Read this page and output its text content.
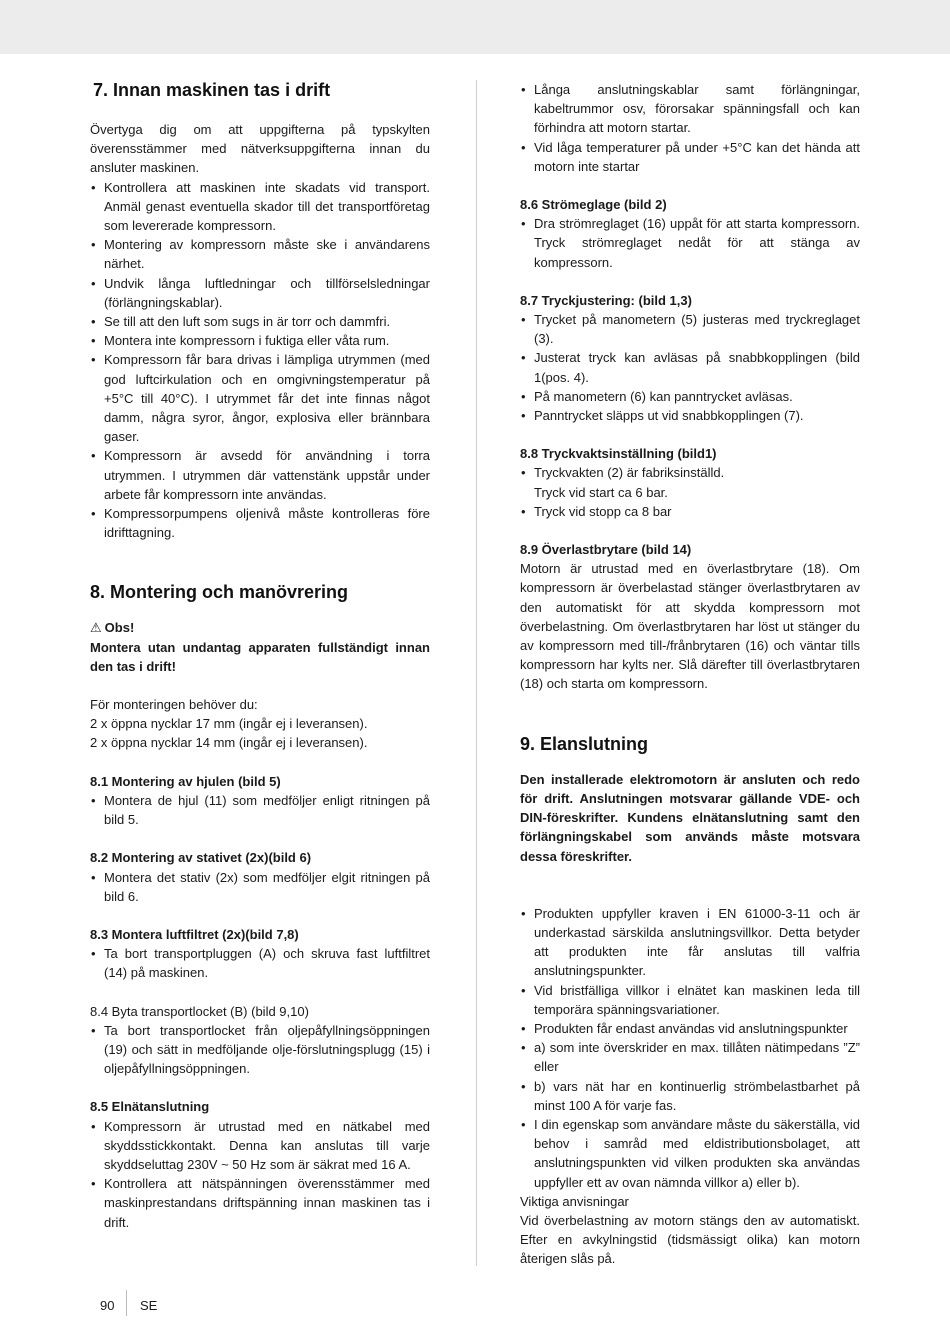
7. Innan maskinen tas i drift

Övertyga dig om att uppgifterna på typskylten överensstämmer med nätverksuppgifterna innan du ansluter maskinen.

• Kontrollera att maskinen inte skadats vid transport. Anmäl genast eventuella skador till det transportföretag som levererade kompressorn.
• Montering av kompressorn måste ske i användarens närhet.
• Undvik långa luftledningar och tillförselsledningar (förlängningskablar).
• Se till att den luft som sugs in är torr och dammfri.
• Montera inte kompressorn i fuktiga eller våta rum.
• Kompressorn får bara drivas i lämpliga utrymmen (med god luftcirkulation och en omgivningstemperatur på +5°C till 40°C). I utrymmet får det inte finnas något damm, några syror, ångor, explosiva eller brännbara gaser.
• Kompressorn är avsedd för användning i torra utrymmen. I utrymmen där vattenstänk uppstår under arbete får kompressorn inte användas.
• Kompressorpumpens oljenivå måste kontrolleras före idrifttagning.
8. Montering och manövrering
⚠ Obs!

Montera utan undantag apparaten fullständigt innan den tas i drift!

För monteringen behöver du:

2 x öppna nycklar 17 mm (ingår ej i leveransen).

2 x öppna nycklar 14 mm (ingår ej i leveransen).

8.1 Montering av hjulen (bild 5)

• Montera de hjul (11) som medföljer enligt ritningen på bild 5.

8.2 Montering av stativet (2x)(bild 6)

• Montera det stativ (2x) som medföljer elgit ritningen på bild 6.

8.3 Montera luftfiltret (2x)(bild 7,8)

• Ta bort transportpluggen (A) och skruva fast luftfiltret (14) på maskinen.

8.4 Byta transportlocket (B) (bild 9,10)

• Ta bort transportlocket från oljepåfyllningsöppningen (19) och sätt in medföljande olje-förslutningsplugg (15) i oljepåfyllningsöppningen.

8.5 Elnätanslutning

• Kompressorn är utrustad med en nätkabel med skyddsstickkontakt. Denna kan anslutas till varje skyddseluttag 230V ~ 50 Hz som är säkrat med 16 A.
• Kontrollera att nätspänningen överensstämmer med maskinprestandans driftspänning innan maskinen tas i drift.
• Långa anslutningskablar samt förlängningar, kabeltrummor osv, förorsakar spänningsfall och kan förhindra att motorn startar.
• Vid låga temperaturer på under +5°C kan det hända att motorn inte startar

8.6 Strömeglage (bild 2)

• Dra strömreglaget (16) uppåt för att starta kompressorn. Tryck strömreglaget nedåt för att stänga av kompressorn.

8.7 Tryckjustering: (bild 1,3)

• Trycket på manometern (5) justeras med tryckreglaget (3).
• Justerat tryck kan avläsas på snabbkopplingen (bild 1(pos. 4).
• På manometern (6) kan panntrycket avläsas.
• Panntrycket släpps ut vid snabbkopplingen (7).

8.8 Tryckvaktsinställning (bild1)

• Tryckvakten (2) är fabriksinställd.
Tryck vid start ca 6 bar.
• Tryck vid stopp ca 8 bar

8.9 Överlastbrytare (bild 14)

Motorn är utrustad med en överlastbrytare (18). Om kompressorn är överbelastad stänger överlastbrytaren av den automatiskt för att skydda kompressorn mot överbelastning. Om överlastbrytaren har löst ut stänger du av kompressorn med till-/frånbrytaren (16) och väntar tills kompressorn har kylts ner. Slå därefter till överlastbrytaren (18) och starta om kompressorn.

9. Elanslutning

Den installerade elektromotorn är ansluten och redo för drift. Anslutningen motsvarar gällande VDE- och DIN-föreskrifter. Kundens elnätanslutning samt den förlängningskabel som används måste motsvara dessa föreskrifter.

• Produkten uppfyller kraven i EN 61000-3-11 och är underkastad särskilda anslutningsvillkor. Detta betyder att produkten inte får anslutas till valfria anslutningspunkter.
• Vid bristfälliga villkor i elnätet kan maskinen leda till temporära spänningsvariationer.
• Produkten får endast användas vid anslutningspunkter
• a) som inte överskrider en max. tillåten nätimpedans ”Z” eller
• b) vars nät har en kontinuerlig strömbelastbarhet på minst 100 A för varje fas.
• I din egenskap som användare måste du säkerställa, vid behov i samråd med eldistributionsbolaget, att anslutningspunkten vid vilken produkten ska användas uppfyller ett av ovan nämnda villkor a) eller b).

Viktiga anvisningar

Vid överbelastning av motorn stängs den av automatiskt. Efter en avkylningstid (tidsmässigt olika) kan motorn återigen slås på.

90 SE
